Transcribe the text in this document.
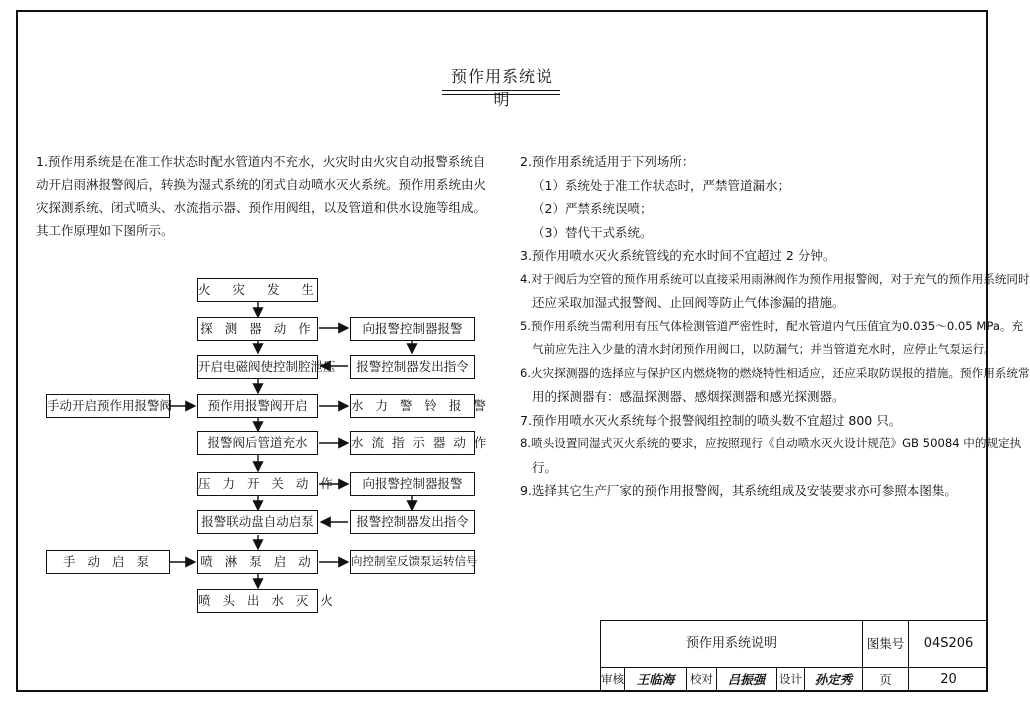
预作用系统说明

1.预作用系统是在准工作状态时配水管道内不充水，火灾时由火灾自动报警系统自动开启雨淋报警阀后，转换为湿式系统的闭式自动喷水灭火系统。预作用系统由火灾探测系统、闭式喷头、水流指示器、预作用阀组，以及管道和供水设施等组成。其工作原理如下图所示。

火 灾 发 生
探 测 器 动 作
开启电磁阀使控制腔泄压
预作用报警阀开启
报警阀后管道充水
压 力 开 关 动 作
报警联动盘自动启泵
喷 淋 泵 启 动
喷 头 出 水 灭 火
向报警控制器报警
报警控制器发出指令
水 力 警 铃 报 警
水 流 指 示 器 动 作
向报警控制器报警
报警控制器发出指令
向控制室反馈泵运转信号
手动开启预作用报警阀
手 动 启 泵

2.预作用系统适用于下列场所：

（1）系统处于准工作状态时，严禁管道漏水；

（2）严禁系统误喷；

（3）替代干式系统。

3.预作用喷水灭火系统管线的充水时间不宜超过 2 分钟。

4.对于阀后为空管的预作用系统可以直接采用雨淋阀作为预作用报警阀，对于充气的预作用系统同时

还应采取加湿式报警阀、止回阀等防止气体渗漏的措施。

5.预作用系统当需利用有压气体检测管道严密性时，配水管道内气压值宜为0.035～0.05 MPa。充

气前应先注入少量的清水封闭预作用阀口，以防漏气；并当管道充水时，应停止气泵运行。

6.火灾探测器的选择应与保护区内燃烧物的燃烧特性相适应，还应采取防误报的措施。预作用系统常

用的探测器有：感温探测器、感烟探测器和感光探测器。

7.预作用喷水灭火系统每个报警阀组控制的喷头数不宜超过 800 只。

8.喷头设置同湿式灭火系统的要求，应按照现行《自动喷水灭火设计规范》GB 50084 中的规定执

行。

9.选择其它生产厂家的预作用报警阀，其系统组成及安装要求亦可参照本图集。

预作用系统说明	图集号	04S206
审核	王临海	校对	吕振强	设计	孙定秀	页	20
